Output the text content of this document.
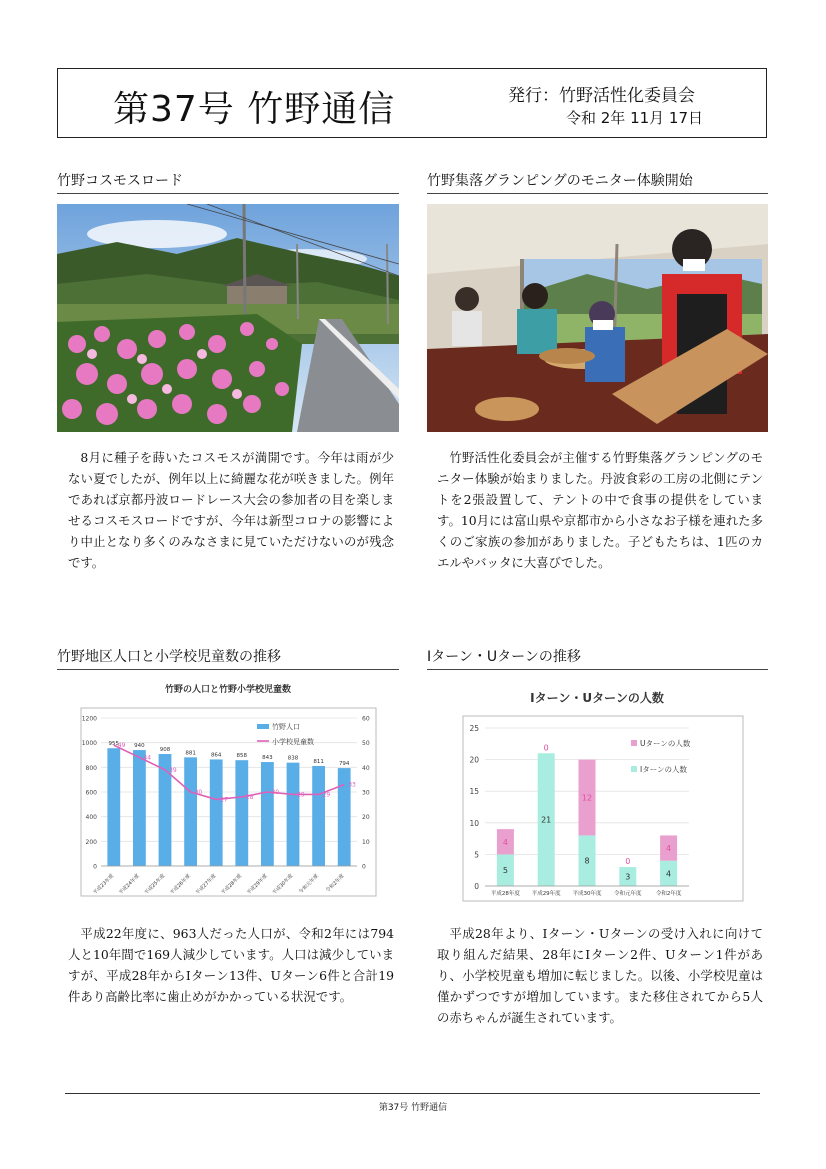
第37号 竹野通信	発行：竹野活性化委員会
令和 2年 11月 17日
竹野コスモスロード

8月に種子を蒔いたコスモスが満開です。今年は雨が少ない夏でしたが、例年以上に綺麗な花が咲きました。例年であれば京都丹波ロードレース大会の参加者の目を楽しませるコスモスロードですが、今年は新型コロナの影響により中止となり多くのみなさまに見ていただけないのが残念です。

竹野集落グランピングのモニター体験開始

竹野活性化委員会が主催する竹野集落グランピングのモニター体験が始まりました。丹波食彩の工房の北側にテントを2張設置して、テントの中で食事の提供をしています。10月には富山県や京都市から小さなお子様を連れた多くのご家族の参加がありました。子どもたちは、1匹のカエルやバッタに大喜びでした。

竹野地区人口と小学校児童数の推移
竹野の人口と竹野小学校児童数
0
200
400
600
800
1000
1200
0
10
20
30
40
50
60
955
平成23年度
940
平成24年度
908
平成25年度
881
平成26年度
864
平成27年度
858
平成28年度
843
平成29年度
838
平成30年度
811
令和元年度
794
令和2年度
49
44
39
30
27	28
30	29	29
33
竹野人口
小学校児童数

平成22年度に、963人だった人口が、令和2年には794人と10年間で169人減少しています。人口は減少していますが、平成28年からIターン13件、Uターン6件と合計19件あり高齢比率に歯止めがかかっている状況です。

Iターン・Uターンの推移
Iターン・Uターンの人数
0
5
10
15
20
25
5
4
平成28年度
21
0
平成29年度
8
12
平成30年度
3
0
令和元年度
4
4
令和2年度
Uターンの人数
Iターンの人数

平成28年より、Iターン・Uターンの受け入れに向けて取り組んだ結果、28年にIターン2件、Uターン1件があり、小学校児童も増加に転じました。以後、小学校児童は僅かずつですが増加しています。また移住されてから5人の赤ちゃんが誕生されています。

第37号 竹野通信
